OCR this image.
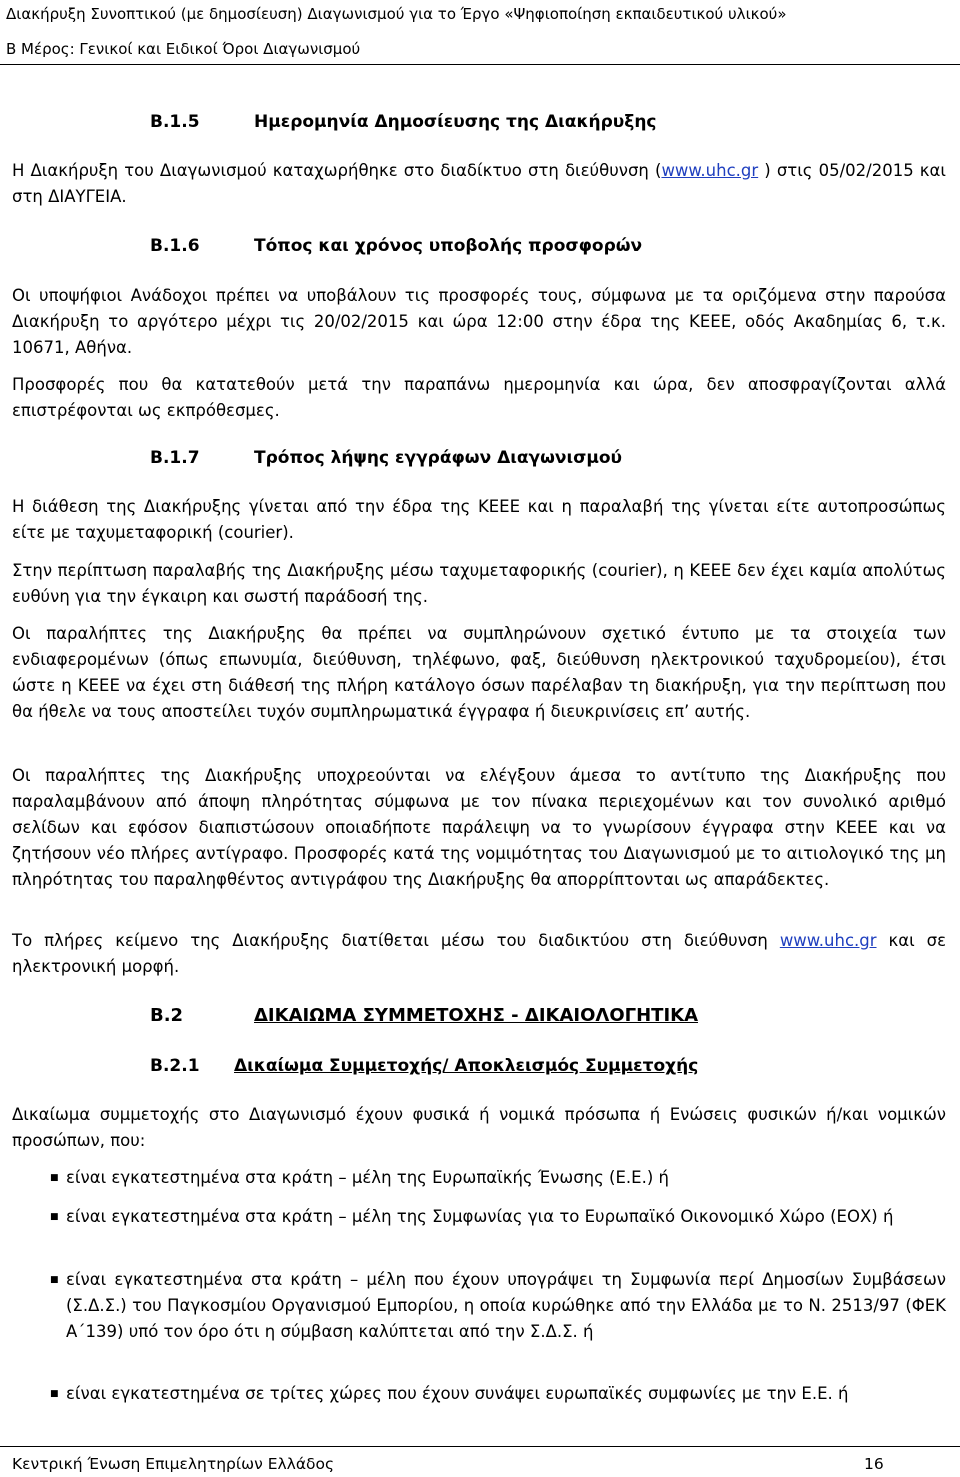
Διακήρυξη Συνοπτικού (με δημοσίευση) Διαγωνισμού για το Έργο «Ψηφιοποίηση εκπαιδευτικού υλικού»
Β Μέρος: Γενικοί και Ειδικοί Όροι Διαγωνισμού
Β.1.5	Ημερομηνία Δημοσίευσης της Διακήρυξης

Η Διακήρυξη του Διαγωνισμού καταχωρήθηκε στο διαδίκτυο στη διεύθυνση (www.uhc.gr ) στις 05/02/2015 και στη ΔΙΑΥΓΕΙΑ.

Β.1.6	Τόπος και χρόνος υποβολής προσφορών

Οι υποψήφιοι Ανάδοχοι πρέπει να υποβάλουν τις προσφορές τους, σύμφωνα με τα οριζόμενα στην παρούσα Διακήρυξη το αργότερο μέχρι τις 20/02/2015 και ώρα 12:00 στην έδρα της ΚΕΕΕ, οδός Ακαδημίας 6, τ.κ. 10671, Αθήνα.

Προσφορές που θα κατατεθούν μετά την παραπάνω ημερομηνία και ώρα, δεν αποσφραγίζονται αλλά επιστρέφονται ως εκπρόθεσμες.

Β.1.7	Τρόπος λήψης εγγράφων Διαγωνισμού

Η διάθεση της Διακήρυξης γίνεται από την έδρα της ΚΕΕΕ και η παραλαβή της γίνεται είτε αυτοπροσώπως είτε με ταχυμεταφορική (courier).

Στην περίπτωση παραλαβής της Διακήρυξης μέσω ταχυμεταφορικής (courier), η ΚΕΕΕ δεν έχει καμία απολύτως ευθύνη για την έγκαιρη και σωστή παράδοσή της.

Οι παραλήπτες της Διακήρυξης θα πρέπει να συμπληρώνουν σχετικό έντυπο με τα στοιχεία των ενδιαφερομένων (όπως επωνυμία, διεύθυνση, τηλέφωνο, φαξ, διεύθυνση ηλεκτρονικού ταχυδρομείου), έτσι ώστε η ΚΕΕΕ να έχει στη διάθεσή της πλήρη κατάλογο όσων παρέλαβαν τη διακήρυξη, για την περίπτωση που θα ήθελε να τους αποστείλει τυχόν συμπληρωματικά έγγραφα ή διευκρινίσεις επ’ αυτής.

Οι παραλήπτες της Διακήρυξης υποχρεούνται να ελέγξουν άμεσα το αντίτυπο της Διακήρυξης που παραλαμβάνουν από άποψη πληρότητας σύμφωνα με τον πίνακα περιεχομένων και τον συνολικό αριθμό σελίδων και εφόσον διαπιστώσουν οποιαδήποτε παράλειψη να το γνωρίσουν έγγραφα στην ΚΕΕΕ και να ζητήσουν νέο πλήρες αντίγραφο. Προσφορές κατά της νομιμότητας του Διαγωνισμού με το αιτιολογικό της μη πληρότητας του παραληφθέντος αντιγράφου της Διακήρυξης θα απορρίπτονται ως απαράδεκτες.

Το πλήρες κείμενο της Διακήρυξης διατίθεται μέσω του διαδικτύου στη διεύθυνση www.uhc.gr και σε ηλεκτρονική μορφή.

Β.2	ΔΙΚΑΙΩΜΑ ΣΥΜΜΕΤΟΧΗΣ - ΔΙΚΑΙΟΛΟΓΗΤΙΚΑ
Β.2.1 Δικαίωμα Συμμετοχής/ Αποκλεισμός Συμμετοχής

Δικαίωμα συμμετοχής στο Διαγωνισμό έχουν φυσικά ή νομικά πρόσωπα ή Ενώσεις φυσικών ή/και νομικών προσώπων, που:

■ είναι εγκατεστημένα στα κράτη – μέλη της Ευρωπαϊκής Ένωσης (Ε.Ε.) ή
■ είναι εγκατεστημένα στα κράτη – μέλη της Συμφωνίας για το Ευρωπαϊκό Οικονομικό Χώρο (ΕΟΧ) ή
■ είναι εγκατεστημένα στα κράτη – μέλη που έχουν υπογράψει τη Συμφωνία περί Δημοσίων Συμβάσεων (Σ.Δ.Σ.) του Παγκοσμίου Οργανισμού Εμπορίου, η οποία κυρώθηκε από την Ελλάδα με το Ν. 2513/97 (ΦΕΚ Α΄139) υπό τον όρο ότι η σύμβαση καλύπτεται από την Σ.Δ.Σ. ή
■ είναι εγκατεστημένα σε τρίτες χώρες που έχουν συνάψει ευρωπαϊκές συμφωνίες με την Ε.Ε. ή
Κεντρική Ένωση Επιμελητηρίων Ελλάδος	16
